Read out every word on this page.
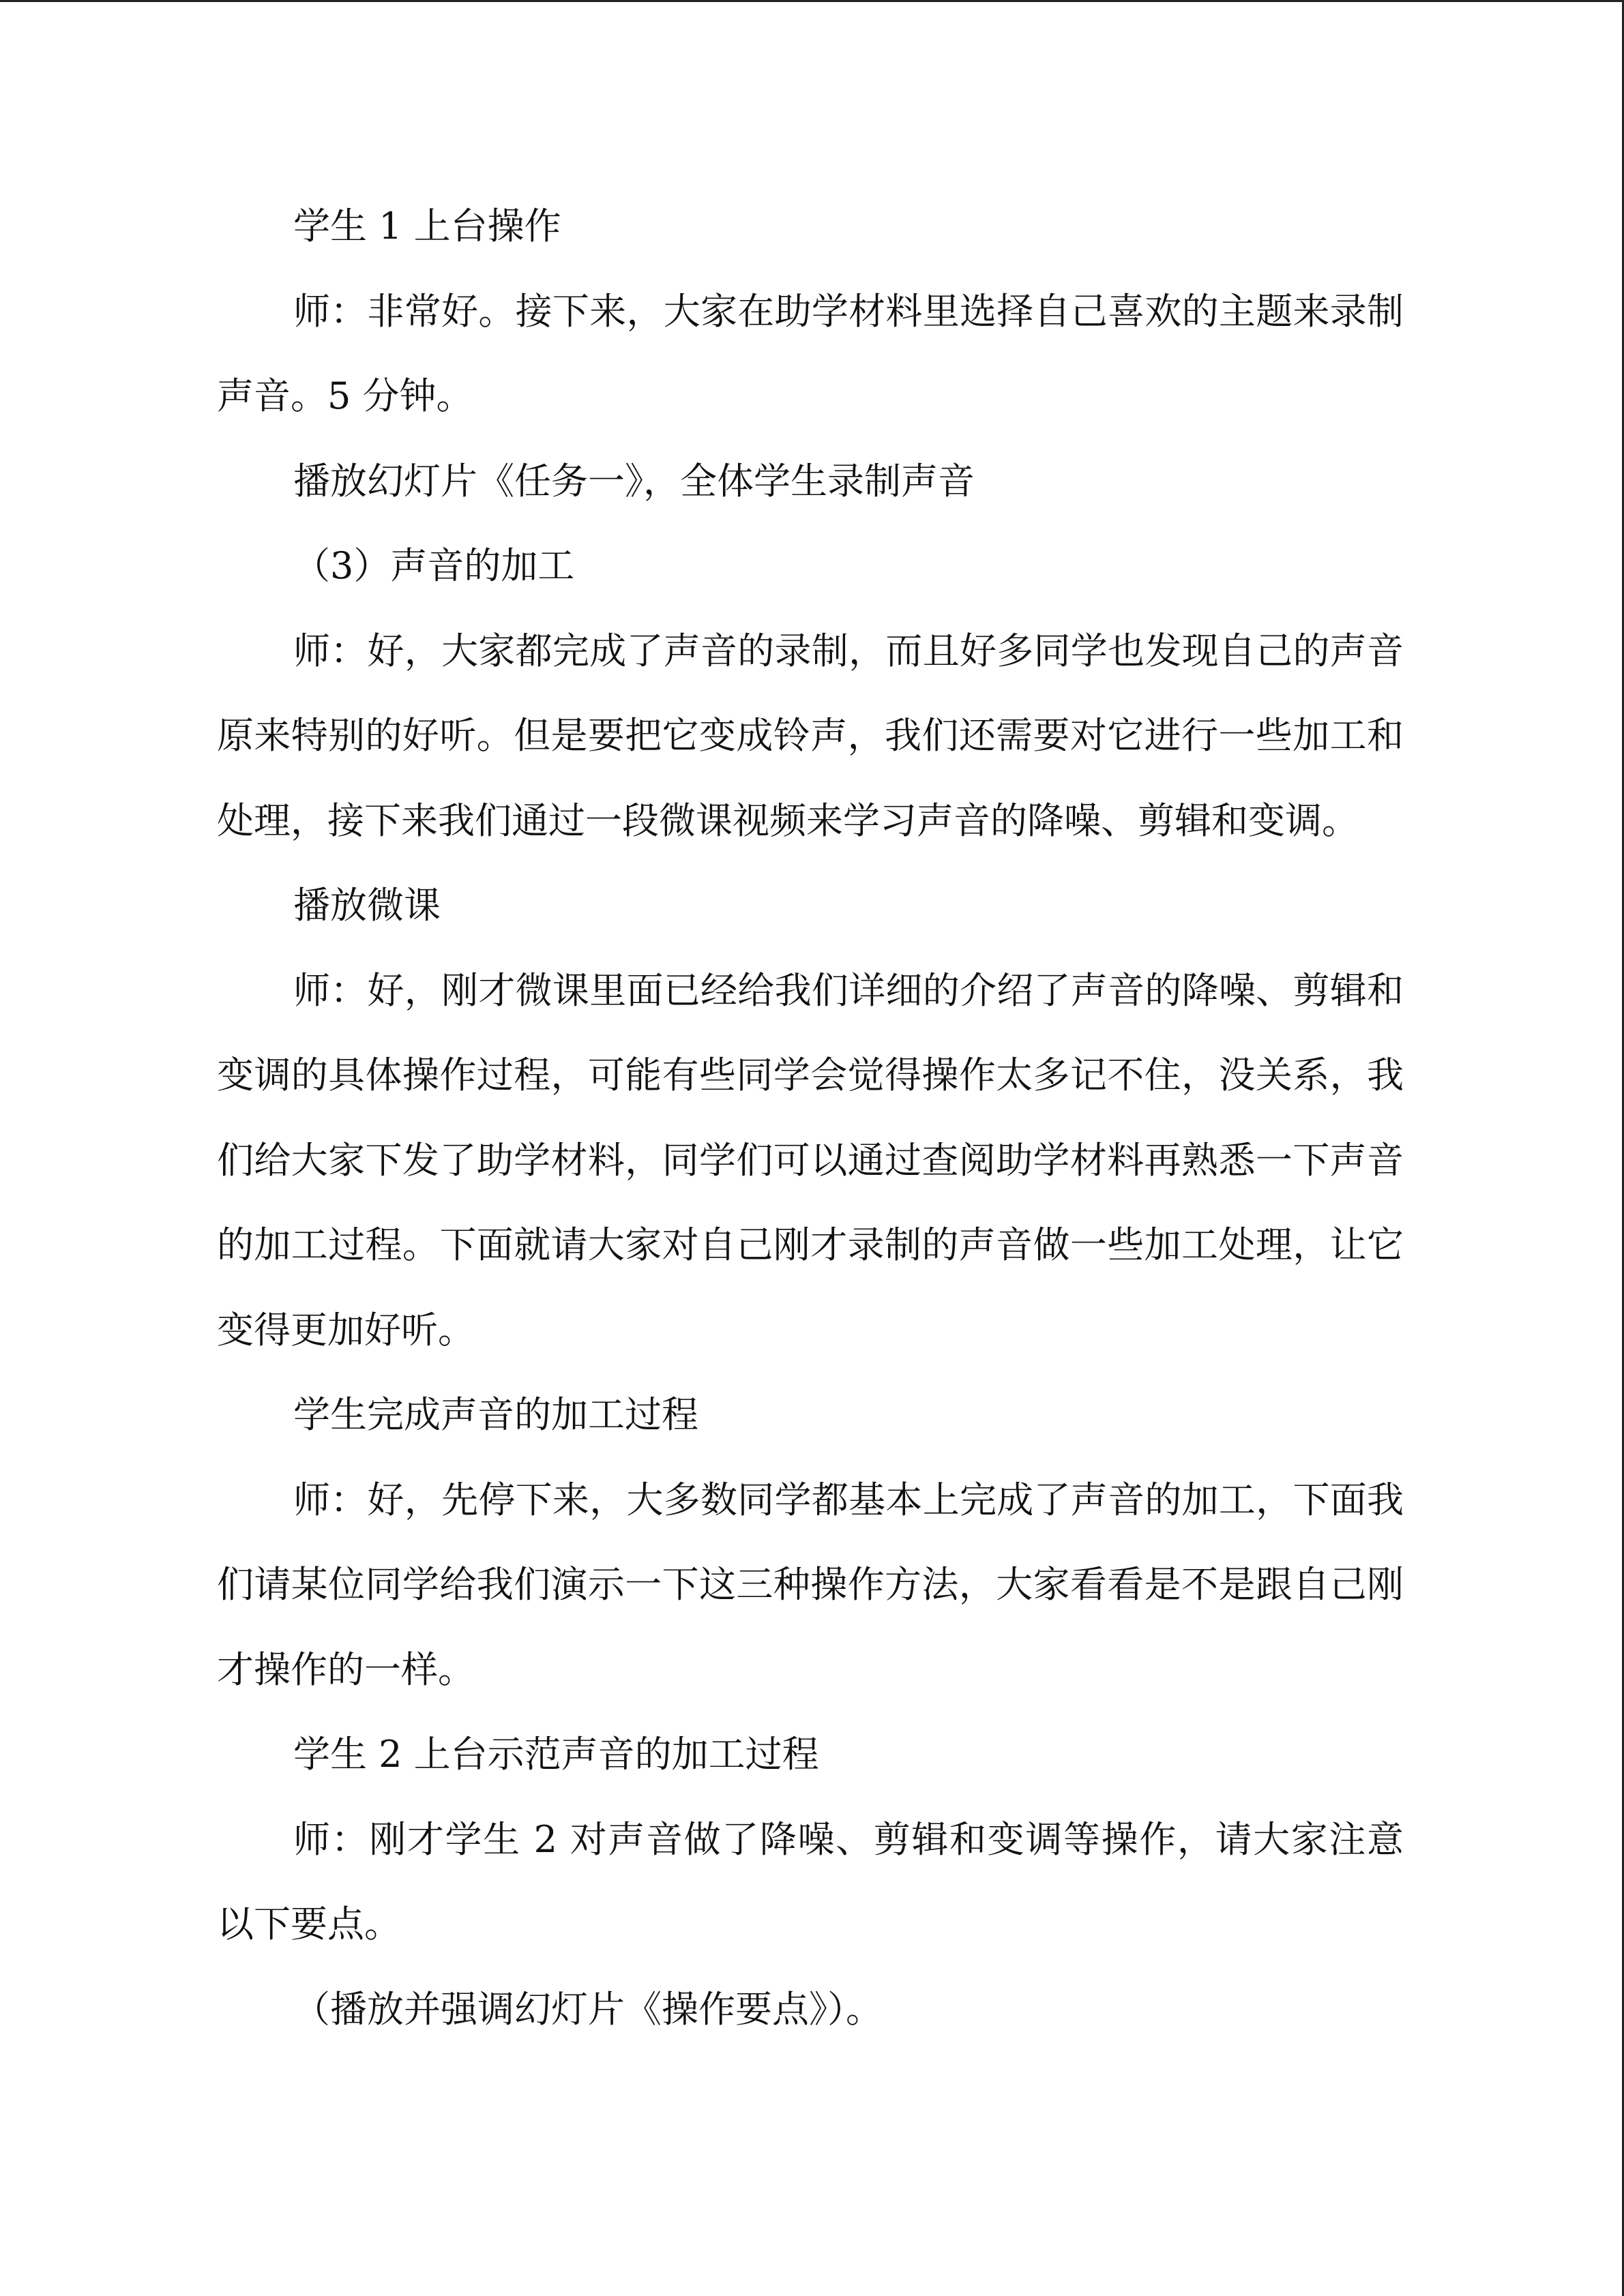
学生 1 上台操作

师：非常好。接下来，大家在助学材料里选择自己喜欢的主题来录制声音。5 分钟。

播放幻灯片《任务一》，全体学生录制声音

（3）声音的加工

师：好，大家都完成了声音的录制，而且好多同学也发现自己的声音原来特别的好听。但是要把它变成铃声，我们还需要对它进行一些加工和处理，接下来我们通过一段微课视频来学习声音的降噪、剪辑和变调。

播放微课

师：好，刚才微课里面已经给我们详细的介绍了声音的降噪、剪辑和变调的具体操作过程，可能有些同学会觉得操作太多记不住，没关系，我们给大家下发了助学材料，同学们可以通过查阅助学材料再熟悉一下声音的加工过程。下面就请大家对自己刚才录制的声音做一些加工处理，让它变得更加好听。

学生完成声音的加工过程

师：好，先停下来，大多数同学都基本上完成了声音的加工，下面我们请某位同学给我们演示一下这三种操作方法，大家看看是不是跟自己刚才操作的一样。

学生 2 上台示范声音的加工过程

师：刚才学生 2 对声音做了降噪、剪辑和变调等操作，请大家注意以下要点。

（播放并强调幻灯片《操作要点》）。
